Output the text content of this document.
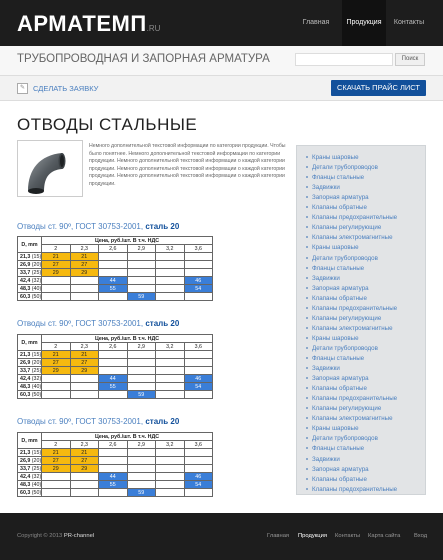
АРМАТЕМП.RU
Главная	Продукция	Контакты
ТРУБОПРОВОДНАЯ И ЗАПОРНАЯ АРМАТУРА	Поиск
✎	СДЕЛАТЬ ЗАЯВКУ	СКАЧАТЬ ПРАЙС ЛИСТ
ОТВОДЫ СТАЛЬНЫЕ
Немного дополнительной текстовой информации по категории продукции. Чтобы было понятнее. Немного дополнительной текстовой информации по категории продукции. Немного дополнительной текстовой информации о каждой категории продукции. Немного дополнительной текстовой информации о каждой категории продукции. Немного дополнительной текстовой информации о каждой категории продукции.
Отводы ст. 90º, ГОСТ 30753-2001, сталь 20
D, mm	Цена, руб./шт. В т.ч. НДС					
	2	2,3	2,6	2,9	3,2	3,6
21,3 (15)	21	21				
26,9 (20)	27	27				
33,7 (25)	29	29				
42,4 (32)			44			46
48,3 (40)			55			54
60,3 (50)				59		
Отводы ст. 90º, ГОСТ 30753-2001, сталь 20
D, mm	Цена, руб./шт. В т.ч. НДС					
	2	2,3	2,6	2,9	3,2	3,6
21,3 (15)	21	21				
26,9 (20)	27	27				
33,7 (25)	29	29				
42,4 (32)			44			46
48,3 (40)			55			54
60,3 (50)				59		
Отводы ст. 90º, ГОСТ 30753-2001, сталь 20
D, mm	Цена, руб./шт. В т.ч. НДС					
	2	2,3	2,6	2,9	3,2	3,6
21,3 (15)	21	21				
26,9 (20)	27	27				
33,7 (25)	29	29				
42,4 (32)			44			46
48,3 (40)			55			54
60,3 (50)				59		
Краны шаровые
Детали трубопроводов
Фланцы стальные
Задвижки
Запорная арматура
Клапаны обратные
Клапаны предохранительные
Клапаны регулирующие
Клапаны электромагнитные
Краны шаровые
Детали трубопроводов
Фланцы стальные
Задвижки
Запорная арматура
Клапаны обратные
Клапаны предохранительные
Клапаны регулирующие
Клапаны электромагнитные
Краны шаровые
Детали трубопроводов
Фланцы стальные
Задвижки
Запорная арматура
Клапаны обратные
Клапаны предохранительные
Клапаны регулирующие
Клапаны электромагнитные
Краны шаровые
Детали трубопроводов
Фланцы стальные
Задвижки
Запорная арматура
Клапаны обратные
Клапаны предохранительные
Copyright © 2013 PR-channel	Главная Продукция Контакты Карта сайта Вход
